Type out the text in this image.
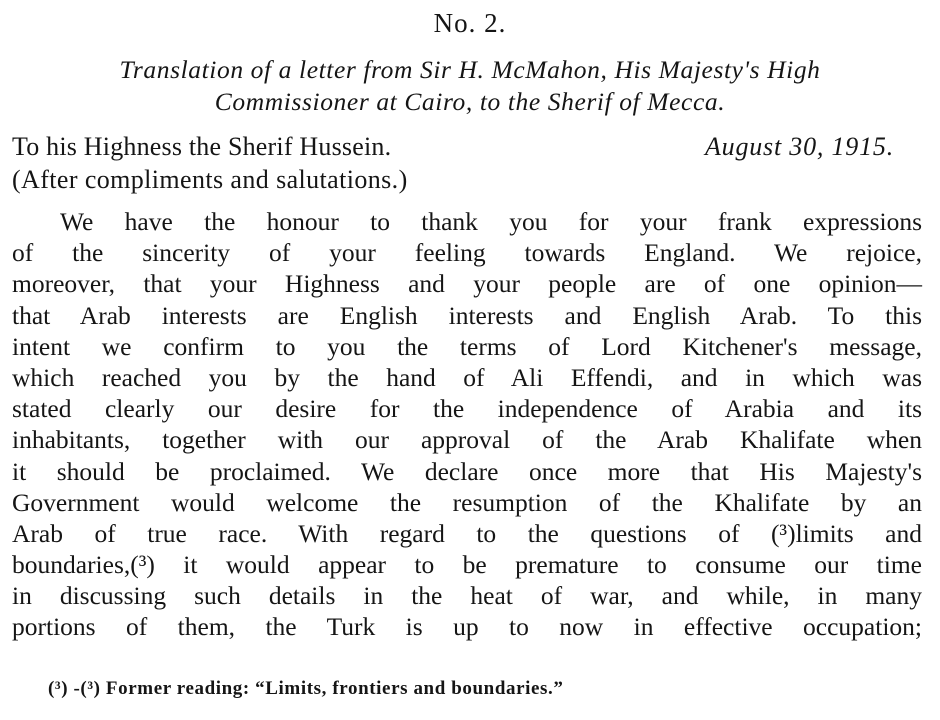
No. 2.
Translation of a letter from Sir H. McMahon, His Majesty's High
Commissioner at Cairo, to the Sherif of Mecca.
To his Highness the Sherif Hussein.	August 30, 1915.
(After compliments and salutations.)
We have the honour to thank you for your frank expressions
of the sincerity of your feeling towards England. We rejoice,
moreover, that your Highness and your people are of one opinion—
that Arab interests are English interests and English Arab. To this
intent we confirm to you the terms of Lord Kitchener's message,
which reached you by the hand of Ali Effendi, and in which was
stated clearly our desire for the independence of Arabia and its
inhabitants, together with our approval of the Arab Khalifate when
it should be proclaimed. We declare once more that His Majesty's
Government would welcome the resumption of the Khalifate by an
Arab of true race. With regard to the questions of (³)limits and
boundaries,(³) it would appear to be premature to consume our time
in discussing such details in the heat of war, and while, in many
portions of them, the Turk is up to now in effective occupation;
(³) -(³) Former reading: “Limits, frontiers and boundaries.”
